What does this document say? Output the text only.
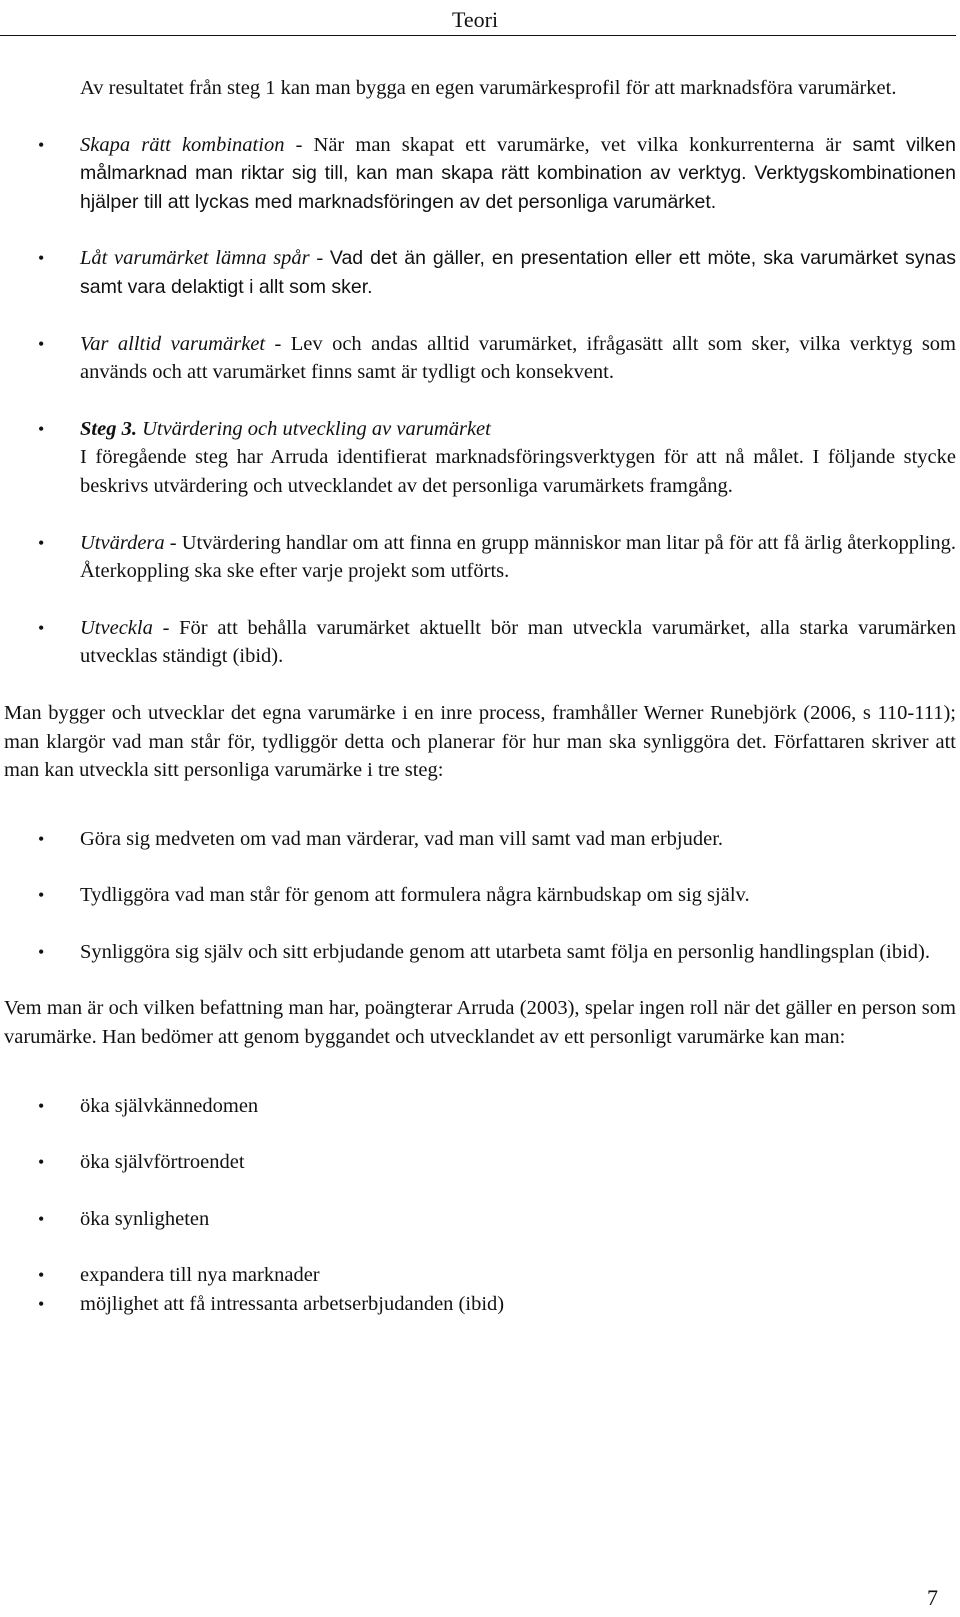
Teori

Av resultatet från steg 1 kan man bygga en egen varumärkesprofil för att marknadsföra varumärket.

• Skapa rätt kombination - När man skapat ett varumärke, vet vilka konkurrenterna är samt vilken målmarknad man riktar sig till, kan man skapa rätt kombination av verktyg. Verktygskombinationen hjälper till att lyckas med marknadsföringen av det personliga varumärket.
• Låt varumärket lämna spår - Vad det än gäller, en presentation eller ett möte, ska varumärket synas samt vara delaktigt i allt som sker.
• Var alltid varumärket - Lev och andas alltid varumärket, ifrågasätt allt som sker, vilka verktyg som används och att varumärket finns samt är tydligt och konsekvent.
• Steg 3. Utvärdering och utveckling av varumärket
I föregående steg har Arruda identifierat marknadsföringsverktygen för att nå målet. I följande stycke beskrivs utvärdering och utvecklandet av det personliga varumärkets framgång.
• Utvärdera - Utvärdering handlar om att finna en grupp människor man litar på för att få ärlig återkoppling. Återkoppling ska ske efter varje projekt som utförts.
• Utveckla - För att behålla varumärket aktuellt bör man utveckla varumärket, alla starka varumärken utvecklas ständigt (ibid).

Man bygger och utvecklar det egna varumärke i en inre process, framhåller Werner Runebjörk (2006, s 110-111); man klargör vad man står för, tydliggör detta och planerar för hur man ska synliggöra det. Författaren skriver att man kan utveckla sitt personliga varumärke i tre steg:

• Göra sig medveten om vad man värderar, vad man vill samt vad man erbjuder.
• Tydliggöra vad man står för genom att formulera några kärnbudskap om sig själv.
• Synliggöra sig själv och sitt erbjudande genom att utarbeta samt följa en personlig handlingsplan (ibid).

Vem man är och vilken befattning man har, poängterar Arruda (2003), spelar ingen roll när det gäller en person som varumärke. Han bedömer att genom byggandet och utvecklandet av ett personligt varumärke kan man:

• öka självkännedomen
• öka självförtroendet
• öka synligheten
• expandera till nya marknader
• möjlighet att få intressanta arbetserbjudanden (ibid)
7
